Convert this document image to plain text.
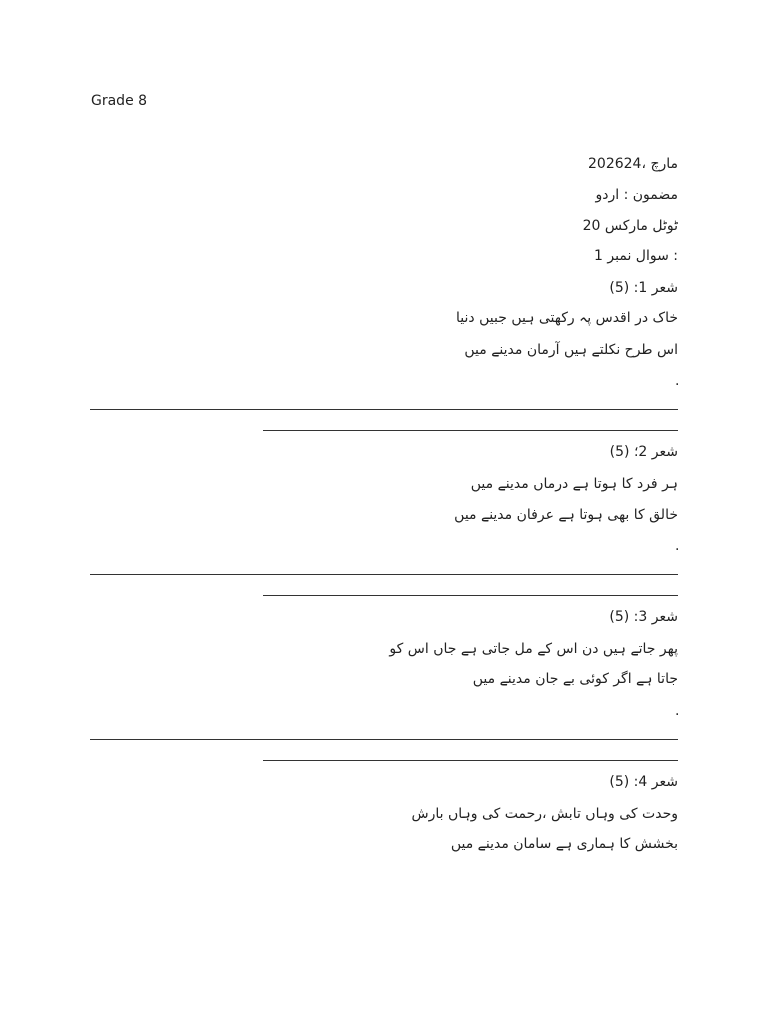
Grade 8
مارچ ،202624
مضمون : اردو
ٹوٹل مارکس 20
: سوال نمبر 1
شعر 1: (5)
خاک در اقدس پہ رکھتی ہیں جبیں دنیا
اس طرح نکلتے ہیں آرمان مدینے میں
.
شعر 2؛ (5)
ہر فرد کا ہوتا ہے درماں مدینے میں
خالق کا بھی ہوتا ہے عرفان مدینے میں
.
شعر 3: (5)
پھر جاتے ہیں دن اس کے مل جاتی ہے جاں اس کو
جاتا ہے اگر کوئی بے جان مدینے میں
.
شعر 4: (5)
وحدت کی وہاں تابش ،رحمت کی وہاں بارش
بخشش کا ہماری ہے سامان مدینے میں
